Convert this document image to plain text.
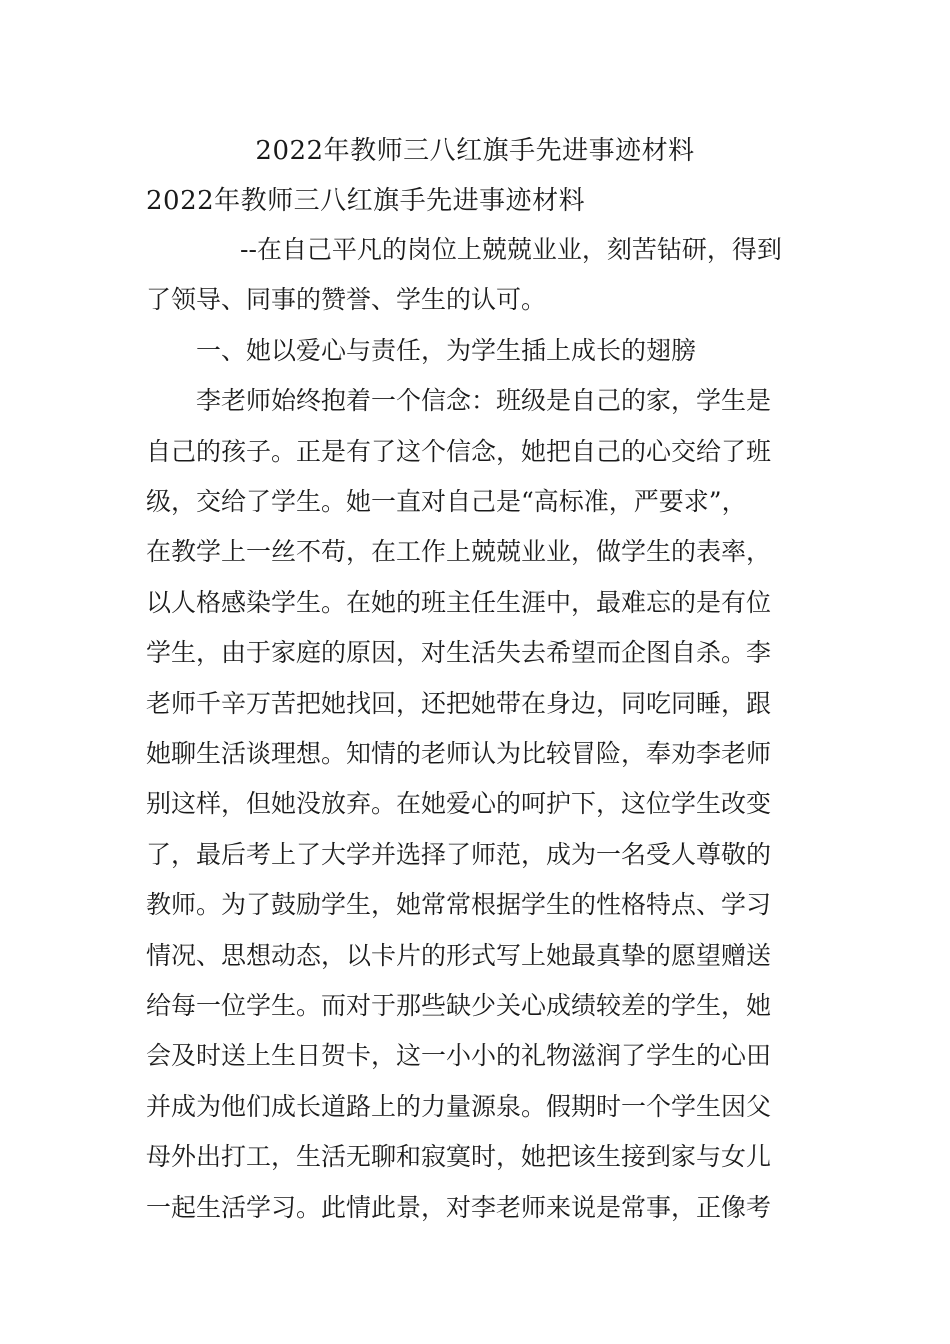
2022年教师三八红旗手先进事迹材料
2022年教师三八红旗手先进事迹材料
--在自己平凡的岗位上兢兢业业，刻苦钻研，得到
了领导、同事的赞誉、学生的认可。
一、她以爱心与责任，为学生插上成长的翅膀
李老师始终抱着一个信念：班级是自己的家，学生是
自己的孩子。正是有了这个信念，她把自己的心交给了班
级，交给了学生。她一直对自己是“高标准，严要求”，
在教学上一丝不苟，在工作上兢兢业业，做学生的表率，
以人格感染学生。在她的班主任生涯中，最难忘的是有位
学生，由于家庭的原因，对生活失去希望而企图自杀。李
老师千辛万苦把她找回，还把她带在身边，同吃同睡，跟
她聊生活谈理想。知情的老师认为比较冒险，奉劝李老师
别这样，但她没放弃。在她爱心的呵护下，这位学生改变
了，最后考上了大学并选择了师范，成为一名受人尊敬的
教师。为了鼓励学生，她常常根据学生的性格特点、学习
情况、思想动态，以卡片的形式写上她最真挚的愿望赠送
给每一位学生。而对于那些缺少关心成绩较差的学生，她
会及时送上生日贺卡，这一小小的礼物滋润了学生的心田
并成为他们成长道路上的力量源泉。假期时一个学生因父
母外出打工，生活无聊和寂寞时，她把该生接到家与女儿
一起生活学习。此情此景，对李老师来说是常事，正像考
